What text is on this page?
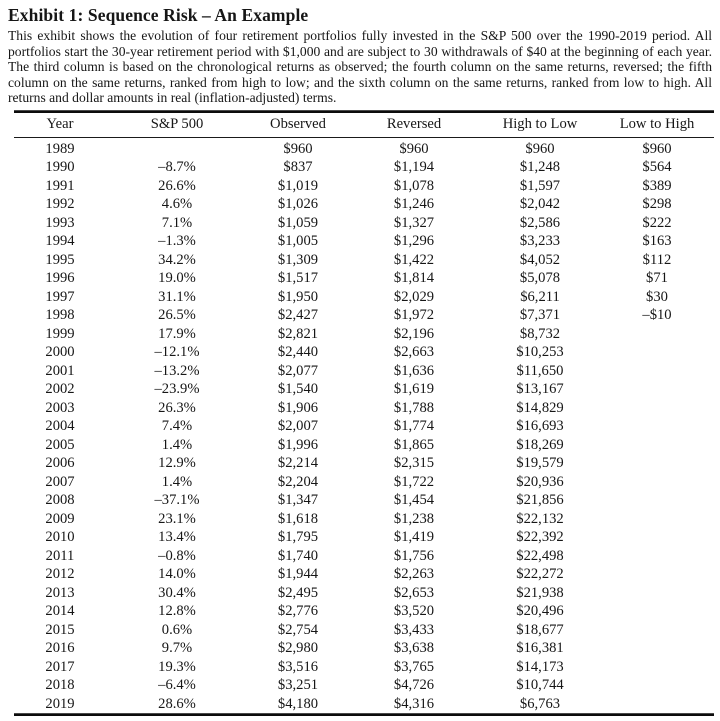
Exhibit 1: Sequence Risk – An Example

This exhibit shows the evolution of four retirement portfolios fully invested in the S&P 500 over the 1990-2019 period. All portfolios start the 30-year retirement period with $1,000 and are subject to 30 withdrawals of $40 at the beginning of each year. The third column is based on the chronological returns as observed; the fourth column on the same returns, reversed; the fifth column on the same returns, ranked from high to low; and the sixth column on the same returns, ranked from low to high. All returns and dollar amounts in real (inflation-adjusted) terms.

Year	S&P 500	Observed	Reversed	High to Low	Low to High
1989		$960	$960	$960	$960
1990	–8.7%	$837	$1,194	$1,248	$564
1991	26.6%	$1,019	$1,078	$1,597	$389
1992	4.6%	$1,026	$1,246	$2,042	$298
1993	7.1%	$1,059	$1,327	$2,586	$222
1994	–1.3%	$1,005	$1,296	$3,233	$163
1995	34.2%	$1,309	$1,422	$4,052	$112
1996	19.0%	$1,517	$1,814	$5,078	$71
1997	31.1%	$1,950	$2,029	$6,211	$30
1998	26.5%	$2,427	$1,972	$7,371	–$10
1999	17.9%	$2,821	$2,196	$8,732	
2000	–12.1%	$2,440	$2,663	$10,253	
2001	–13.2%	$2,077	$1,636	$11,650	
2002	–23.9%	$1,540	$1,619	$13,167	
2003	26.3%	$1,906	$1,788	$14,829	
2004	7.4%	$2,007	$1,774	$16,693	
2005	1.4%	$1,996	$1,865	$18,269	
2006	12.9%	$2,214	$2,315	$19,579	
2007	1.4%	$2,204	$1,722	$20,936	
2008	–37.1%	$1,347	$1,454	$21,856	
2009	23.1%	$1,618	$1,238	$22,132	
2010	13.4%	$1,795	$1,419	$22,392	
2011	–0.8%	$1,740	$1,756	$22,498	
2012	14.0%	$1,944	$2,263	$22,272	
2013	30.4%	$2,495	$2,653	$21,938	
2014	12.8%	$2,776	$3,520	$20,496	
2015	0.6%	$2,754	$3,433	$18,677	
2016	9.7%	$2,980	$3,638	$16,381	
2017	19.3%	$3,516	$3,765	$14,173	
2018	–6.4%	$3,251	$4,726	$10,744	
2019	28.6%	$4,180	$4,316	$6,763	
